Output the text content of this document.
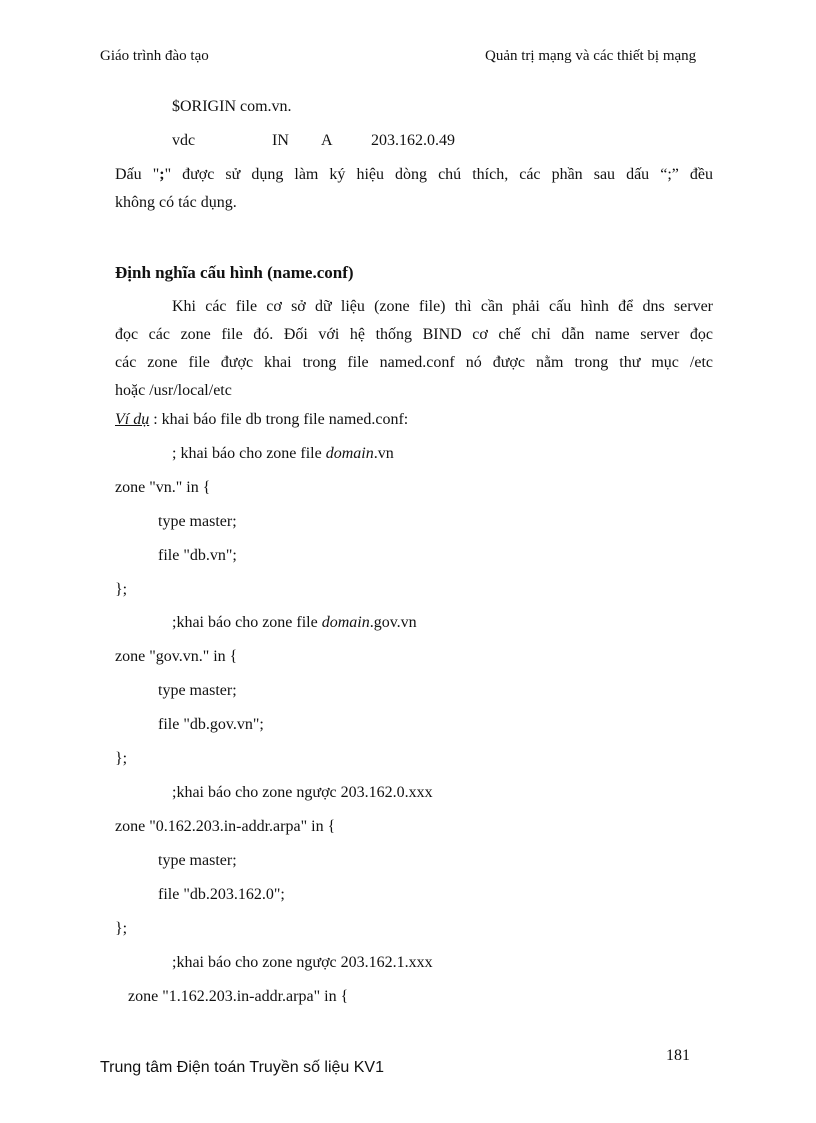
Giáo trình đào tạo	Quản trị mạng và các thiết bị mạng
$ORIGIN com.vn.
vdc	IN A 203.162.0.49
Dấu ";" được sử dụng làm ký hiệu dòng chú thích, các phần sau dấu “;” đều
không có tác dụng.
Định nghĩa cấu hình (name.conf)
Khi các file cơ sở dữ liệu (zone file) thì cần phải cấu hình để dns server
đọc các zone file đó. Đối với hệ thống BIND cơ chế chỉ dẫn name server đọc
các zone file được khai trong file named.conf nó được nằm trong thư mục /etc
hoặc /usr/local/etc
Ví dụ : khai báo file db trong file named.conf:
; khai báo cho zone file domain.vn
zone "vn." in {
type master;
file "db.vn";
};
;khai báo cho zone file domain.gov.vn
zone "gov.vn." in {
type master;
file "db.gov.vn";
};
;khai báo cho zone ngược 203.162.0.xxx
zone "0.162.203.in-addr.arpa" in {
type master;
file "db.203.162.0";
};
;khai báo cho zone ngược 203.162.1.xxx
zone "1.162.203.in-addr.arpa" in {
181
Trung tâm Điện toán Truyền số liệu KV1
